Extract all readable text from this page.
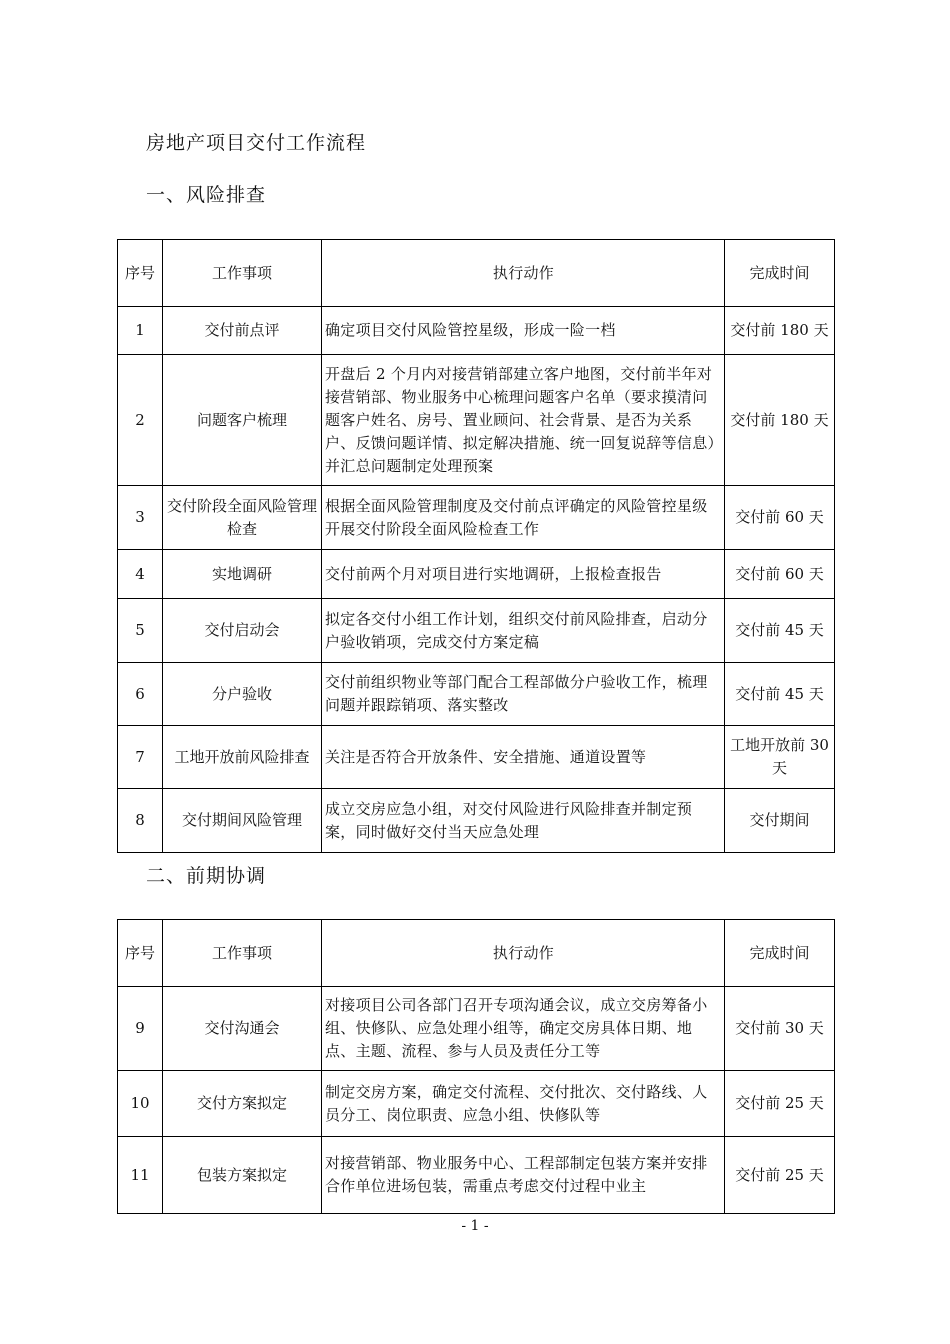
房地产项目交付工作流程
一、风险排查
序号	工作事项	执行动作	完成时间
1	交付前点评	确定项目交付风险管控星级，形成一险一档	交付前 180 天
2	问题客户梳理	开盘后 2 个月内对接营销部建立客户地图，交付前半年对接营销部、物业服务中心梳理问题客户名单（要求摸清问题客户姓名、房号、置业顾问、社会背景、是否为关系户、反馈问题详情、拟定解决措施、统一回复说辞等信息）并汇总问题制定处理预案	交付前 180 天
3	交付阶段全面风险管理检查	根据全面风险管理制度及交付前点评确定的风险管控星级开展交付阶段全面风险检查工作	交付前 60 天
4	实地调研	交付前两个月对项目进行实地调研，上报检查报告	交付前 60 天
5	交付启动会	拟定各交付小组工作计划，组织交付前风险排查，启动分户验收销项，完成交付方案定稿	交付前 45 天
6	分户验收	交付前组织物业等部门配合工程部做分户验收工作，梳理问题并跟踪销项、落实整改	交付前 45 天
7	工地开放前风险排查	关注是否符合开放条件、安全措施、通道设置等	工地开放前 30 天
8	交付期间风险管理	成立交房应急小组，对交付风险进行风险排查并制定预案，同时做好交付当天应急处理	交付期间
二、前期协调
序号	工作事项	执行动作	完成时间
9	交付沟通会	对接项目公司各部门召开专项沟通会议，成立交房筹备小组、快修队、应急处理小组等，确定交房具体日期、地点、主题、流程、参与人员及责任分工等	交付前 30 天
10	交付方案拟定	制定交房方案，确定交付流程、交付批次、交付路线、人员分工、岗位职责、应急小组、快修队等	交付前 25 天
11	包装方案拟定	对接营销部、物业服务中心、工程部制定包装方案并安排合作单位进场包装，需重点考虑交付过程中业主	交付前 25 天
- 1 -
